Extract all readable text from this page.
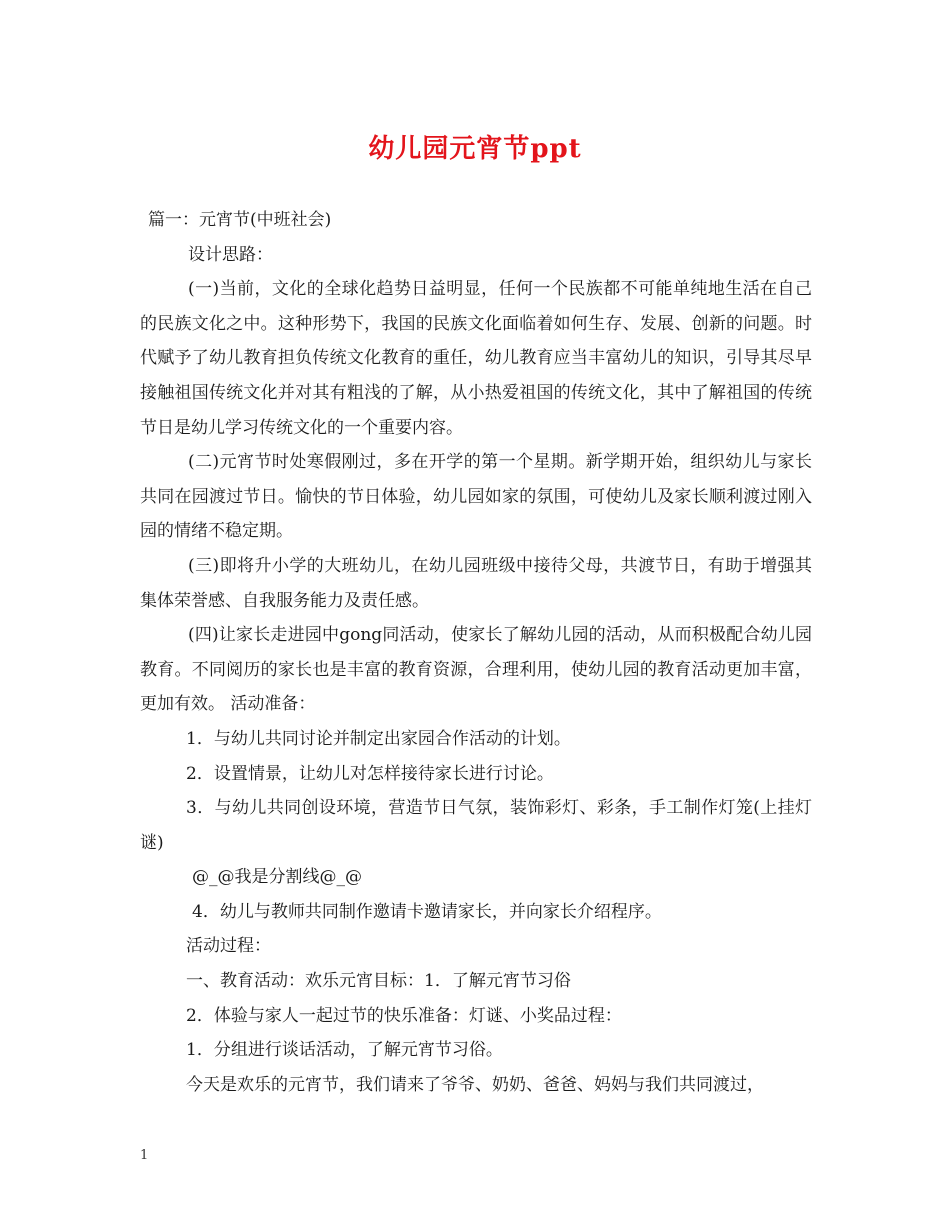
幼儿园元宵节ppt

篇一：元宵节(中班社会)

设计思路：

(一)当前，文化的全球化趋势日益明显，任何一个民族都不可能单纯地生活在自己的民族文化之中。这种形势下，我国的民族文化面临着如何生存、发展、创新的问题。时代赋予了幼儿教育担负传统文化教育的重任，幼儿教育应当丰富幼儿的知识，引导其尽早接触祖国传统文化并对其有粗浅的了解，从小热爱祖国的传统文化，其中了解祖国的传统节日是幼儿学习传统文化的一个重要内容。

(二)元宵节时处寒假刚过，多在开学的第一个星期。新学期开始，组织幼儿与家长共同在园渡过节日。愉快的节日体验，幼儿园如家的氛围，可使幼儿及家长顺利渡过刚入园的情绪不稳定期。

(三)即将升小学的大班幼儿，在幼儿园班级中接待父母，共渡节日，有助于增强其集体荣誉感、自我服务能力及责任感。

(四)让家长走进园中gong同活动，使家长了解幼儿园的活动，从而积极配合幼儿园教育。不同阅历的家长也是丰富的教育资源，合理利用，使幼儿园的教育活动更加丰富，更加有效。 活动准备：

1．与幼儿共同讨论并制定出家园合作活动的计划。

2．设置情景，让幼儿对怎样接待家长进行讨论。

3．与幼儿共同创设环境，营造节日气氛，装饰彩灯、彩条，手工制作灯笼(上挂灯谜)

@_@我是分割线@_@

4．幼儿与教师共同制作邀请卡邀请家长，并向家长介绍程序。

活动过程：

一、教育活动：欢乐元宵目标：1．了解元宵节习俗

2．体验与家人一起过节的快乐准备：灯谜、小奖品过程：

1．分组进行谈话活动，了解元宵节习俗。

今天是欢乐的元宵节，我们请来了爷爷、奶奶、爸爸、妈妈与我们共同渡过，

1
